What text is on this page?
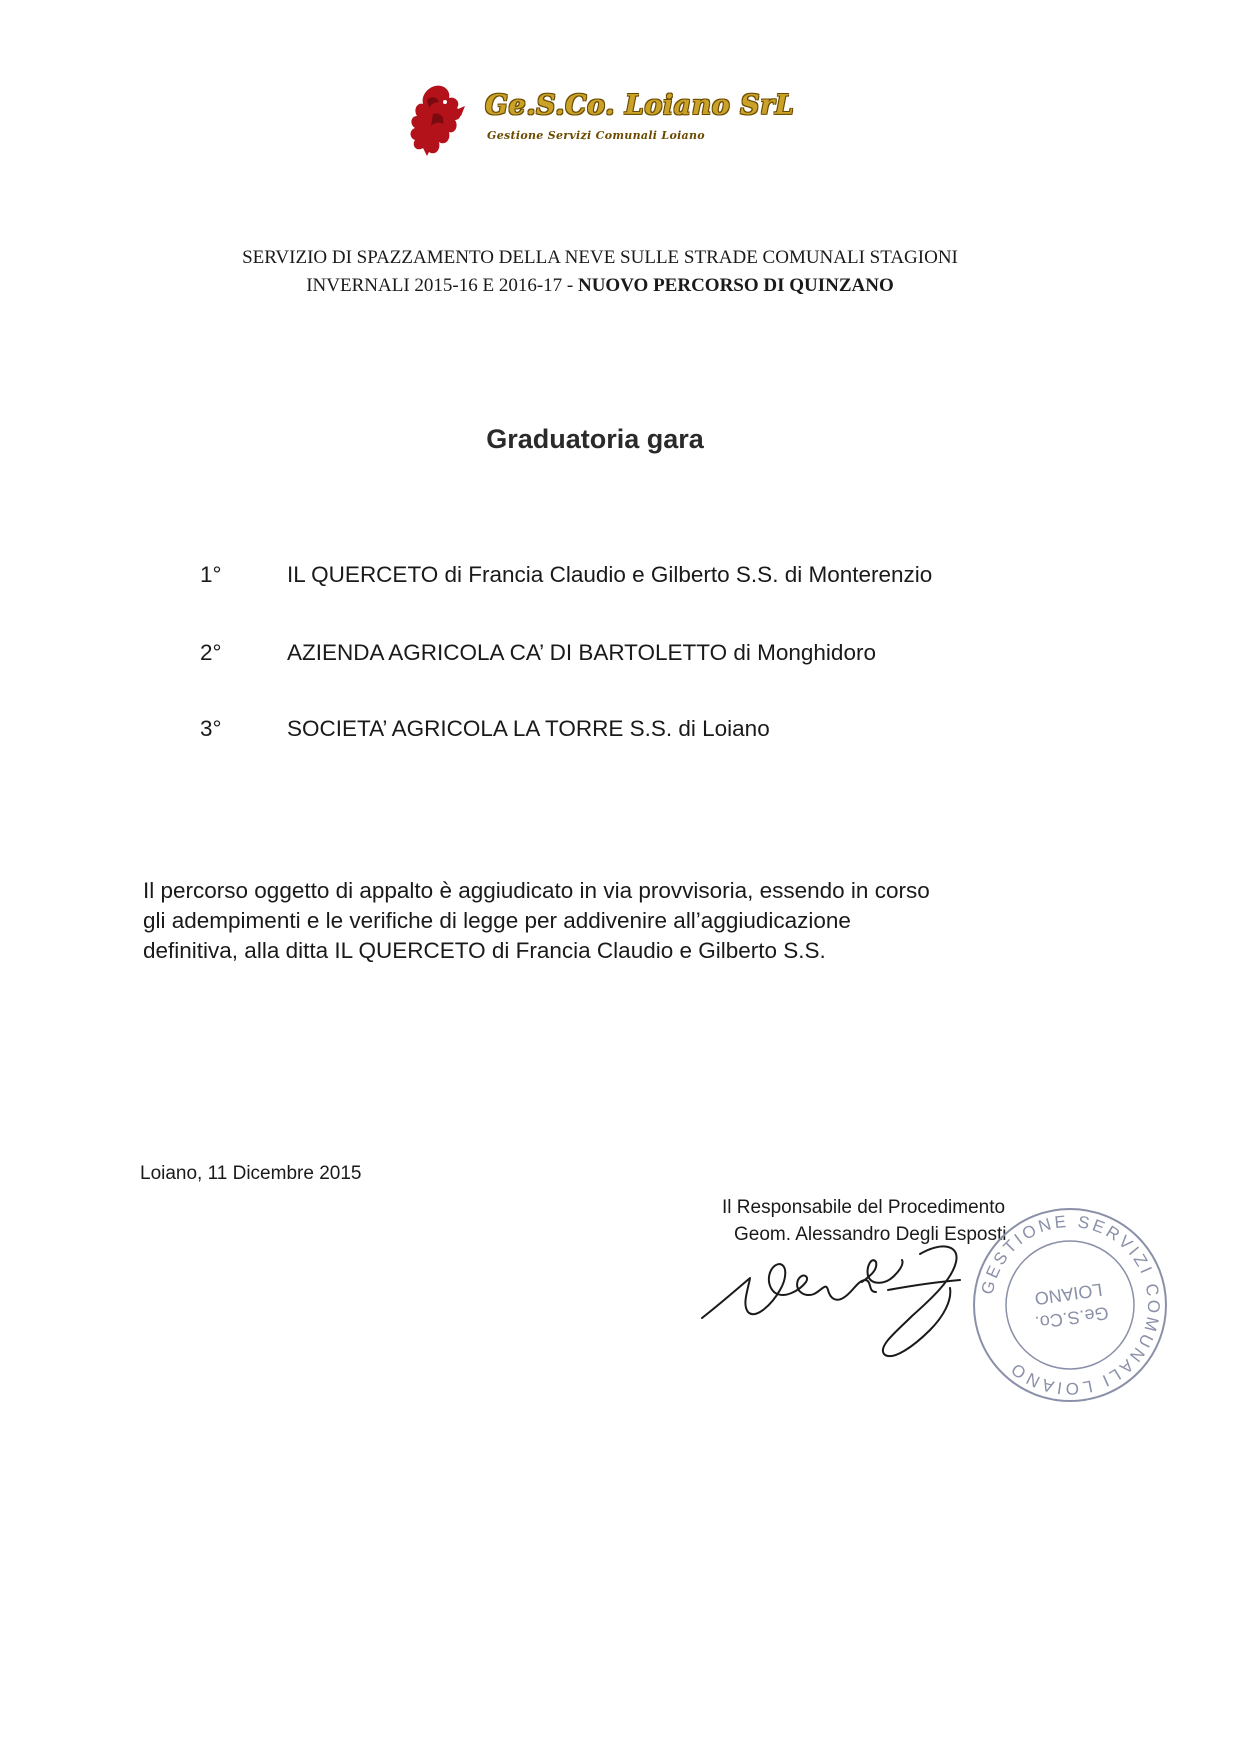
Ge.S.Co. Loiano SrL
Gestione Servizi Comunali Loiano
SERVIZIO DI SPAZZAMENTO DELLA NEVE SULLE STRADE COMUNALI STAGIONI
INVERNALI 2015-16 E 2016-17 - NUOVO PERCORSO DI QUINZANO
Graduatoria gara
1°	IL QUERCETO di Francia Claudio e Gilberto S.S. di Monterenzio
2°	AZIENDA AGRICOLA CA’ DI BARTOLETTO di Monghidoro
3°	SOCIETA’ AGRICOLA LA TORRE S.S. di Loiano
Il percorso oggetto di appalto è aggiudicato in via provvisoria, essendo in corso
gli adempimenti e le verifiche di legge per addivenire all’aggiudicazione
definitiva, alla ditta IL QUERCETO di Francia Claudio e Gilberto S.S.
Loiano, 11 Dicembre 2015
Il Responsabile del Procedimento
Geom. Alessandro Degli Esposti
GESTIONE SERVIZI COMUNALI LOIANO
Ge.S.Co.
LOIANO
